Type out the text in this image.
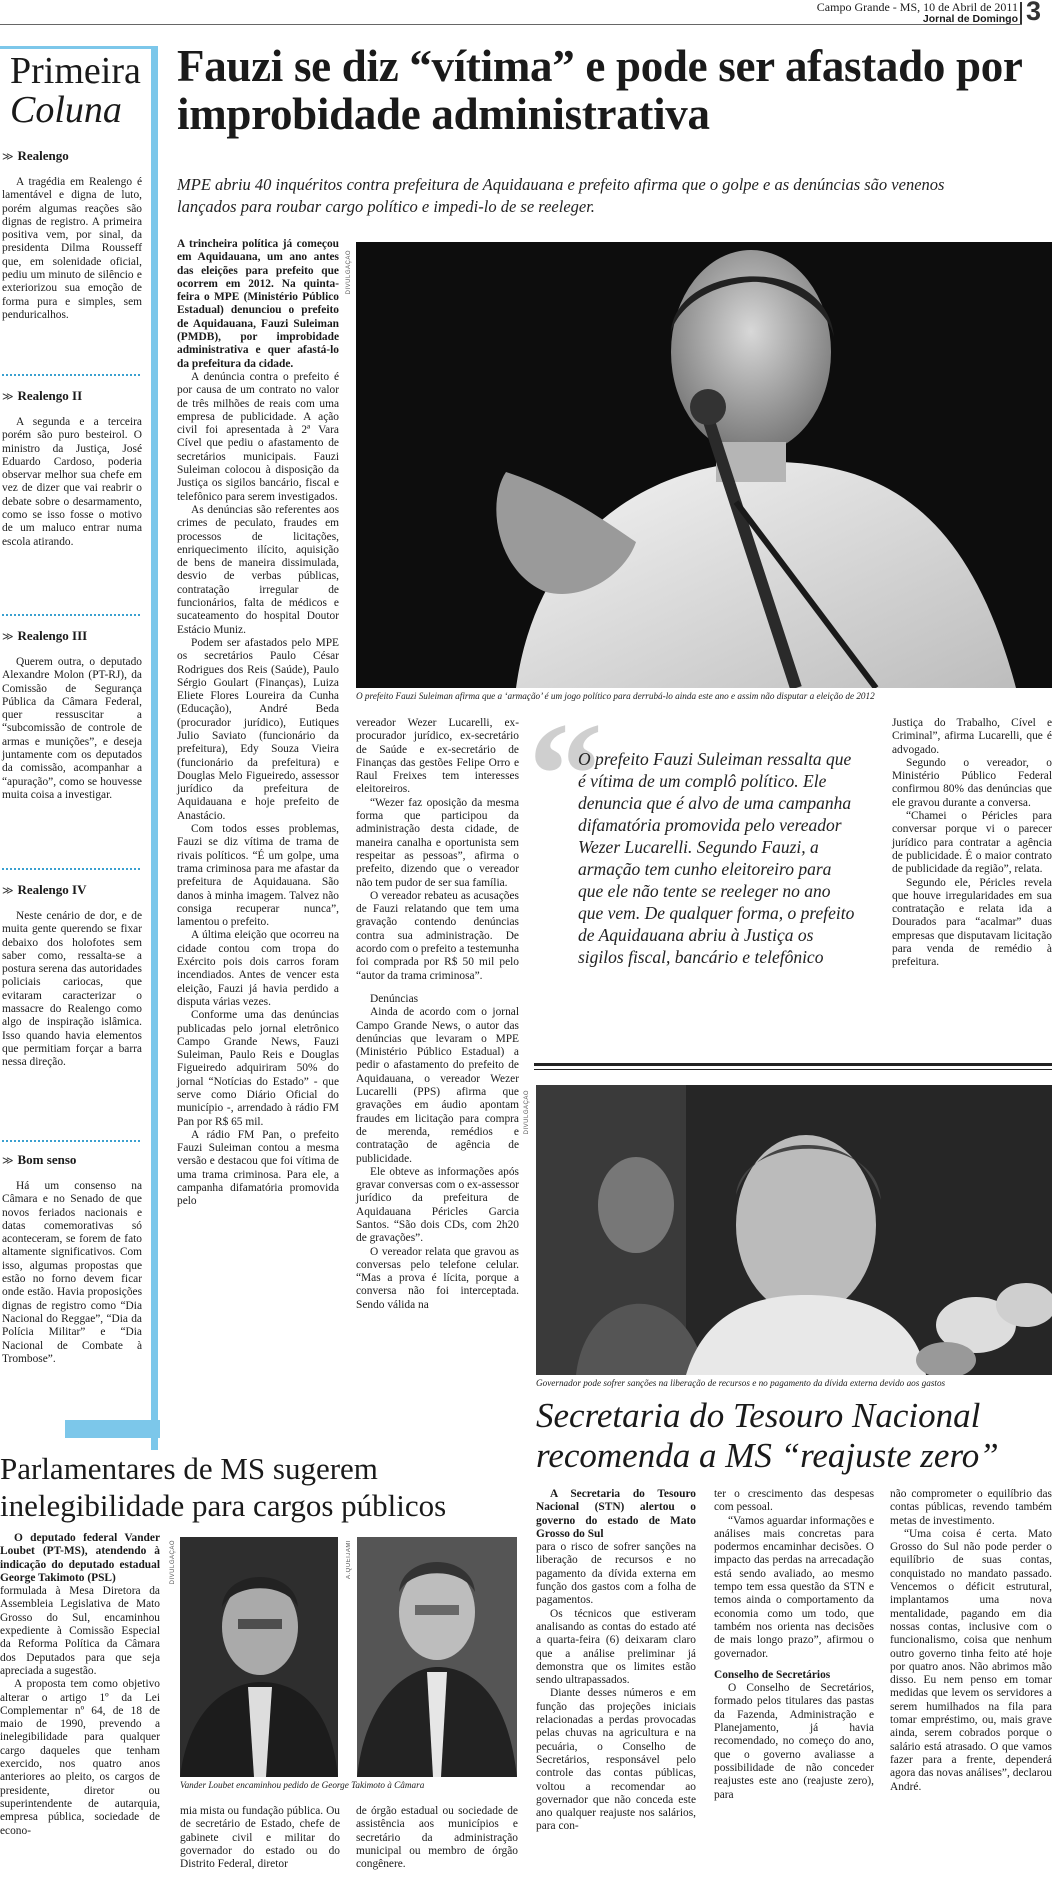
Campo Grande - MS, 10 de Abril de 2011
Jornal de Domingo 3
Primeira
Coluna
≫ Realengo

A tragédia em Realengo é lamentável e digna de luto, porém algumas reações são dignas de registro. A primeira positiva vem, por sinal, da presidenta Dilma Rousseff que, em solenidade oficial, pediu um minuto de silêncio e exteriorizou sua emoção de forma pura e simples, sem penduricalhos.

≫ Realengo II

A segunda e a terceira porém são puro besteirol. O ministro da Justiça, José Eduardo Cardoso, poderia observar melhor sua chefe em vez de dizer que vai reabrir o debate sobre o desarmamento, como se isso fosse o motivo de um maluco entrar numa escola atirando.

≫ Realengo III

Querem outra, o deputado Alexandre Molon (PT-RJ), da Comissão de Segurança Pública da Câmara Federal, quer ressuscitar a “subcomissão de controle de armas e munições”, e deseja juntamente com os deputados da comissão, acompanhar a “apuração”, como se houvesse muita coisa a investigar.

≫ Realengo IV

Neste cenário de dor, e de muita gente querendo se fixar debaixo dos holofotes sem saber como, ressalta-se a postura serena das autoridades policiais cariocas, que evitaram caracterizar o massacre do Realengo como algo de inspiração islâmica. Isso quando havia elementos que permitiam forçar a barra nessa direção.

≫ Bom senso

Há um consenso na Câmara e no Senado de que novos feriados nacionais e datas comemorativas só aconteceram, se forem de fato altamente significativos. Com isso, algumas propostas que estão no forno devem ficar onde estão. Havia proposições dignas de registro como “Dia Nacional do Reggae”, “Dia da Polícia Militar” e “Dia Nacional de Combate à Trombose”.

Fauzi se diz “vítima” e pode ser afastado por improbidade administrativa
MPE abriu 40 inquéritos contra prefeitura de Aquidauana e prefeito afirma que o golpe e as denúncias são venenos lançados para roubar cargo político e impedi-lo de se reeleger.

A trincheira política já começou em Aquidauana, um ano antes das eleições para prefeito que ocorrem em 2012. Na quinta-feira o MPE (Ministério Público Estadual) denunciou o prefeito de Aquidauana, Fauzi Suleiman (PMDB), por improbidade administrativa e quer afastá-lo da prefeitura da cidade.

A denúncia contra o prefeito é por causa de um contrato no valor de três milhões de reais com uma empresa de publicidade. A ação civil foi apresentada à 2ª Vara Cível que pediu o afastamento de secretários municipais. Fauzi Suleiman colocou à disposição da Justiça os sigilos bancário, fiscal e telefônico para serem investigados.

As denúncias são referentes aos crimes de peculato, fraudes em processos de licitações, enriquecimento ilícito, aquisição de bens de maneira dissimulada, desvio de verbas públicas, contratação irregular de funcionários, falta de médicos e sucateamento do hospital Doutor Estácio Muniz.

Podem ser afastados pelo MPE os secretários Paulo César Rodrigues dos Reis (Saúde), Paulo Sérgio Goulart (Finanças), Luiza Eliete Flores Loureira da Cunha (Educação), André Beda (procurador jurídico), Eutiques Julio Saviato (funcionário da prefeitura), Edy Souza Vieira (funcionário da prefeitura) e Douglas Melo Figueiredo, assessor jurídico da prefeitura de Aquidauana e hoje prefeito de Anastácio.

Com todos esses problemas, Fauzi se diz vítima de trama de rivais políticos. “É um golpe, uma trama criminosa para me afastar da prefeitura de Aquidauana. São danos à minha imagem. Talvez não consiga recuperar nunca”, lamentou o prefeito.

A última eleição que ocorreu na cidade contou com tropa do Exército pois dois carros foram incendiados. Antes de vencer esta eleição, Fauzi já havia perdido a disputa várias vezes.

Conforme uma das denúncias publicadas pelo jornal eletrônico Campo Grande News, Fauzi Suleiman, Paulo Reis e Douglas Figueiredo adquiriram 50% do jornal “Notícias do Estado” - que serve como Diário Oficial do município -, arrendado à rádio FM Pan por R$ 65 mil.

A rádio FM Pan, o prefeito Fauzi Suleiman contou a mesma versão e destacou que foi vítima de uma trama criminosa. Para ele, a campanha difamatória promovida pelo

DIVULGAÇÃO
O prefeito Fauzi Suleiman afirma que a ‘armação’ é um jogo político para derrubá-lo ainda este ano e assim não disputar a eleição de 2012

vereador Wezer Lucarelli, ex-procurador jurídico, ex-secretário de Saúde e ex-secretário de Finanças das gestões Felipe Orro e Raul Freixes tem interesses eleitoreiros.

“Wezer faz oposição da mesma forma que participou da administração desta cidade, de maneira canalha e oportunista sem respeitar as pessoas”, afirma o prefeito, dizendo que o vereador não tem pudor de ser sua família.

O vereador rebateu as acusações de Fauzi relatando que tem uma gravação contendo denúncias contra sua administração. De acordo com o prefeito a testemunha foi comprada por R$ 50 mil pelo “autor da trama criminosa”.

Denúncias

Ainda de acordo com o jornal Campo Grande News, o autor das denúncias que levaram o MPE (Ministério Público Estadual) a pedir o afastamento do prefeito de Aquidauana, o vereador Wezer Lucarelli (PPS) afirma que gravações em áudio apontam fraudes em licitação para compra de merenda, remédios e contratação de agência de publicidade.

Ele obteve as informações após gravar conversas com o ex-assessor jurídico da prefeitura de Aquidauana Péricles Garcia Santos. “São dois CDs, com 2h20 de gravações”.

O vereador relata que gravou as conversas pelo telefone celular. “Mas a prova é lícita, porque a conversa não foi interceptada. Sendo válida na

“
O prefeito Fauzi Suleiman ressalta que é vítima de um complô político. Ele denuncia que é alvo de uma campanha difamatória promovida pelo vereador Wezer Lucarelli. Segundo Fauzi, a armação tem cunho eleitoreiro para que ele não tente se reeleger no ano que vem. De qualquer forma, o prefeito de Aquidauana abriu à Justiça os sigilos fiscal, bancário e telefônico

Justiça do Trabalho, Cível e Criminal”, afirma Lucarelli, que é advogado.

Segundo o vereador, o Ministério Público Federal confirmou 80% das denúncias que ele gravou durante a conversa.

“Chamei o Péricles para conversar porque vi o parecer jurídico para contratar a agência de publicidade. É o maior contrato de publicidade da região”, relata.

Segundo ele, Péricles revela que houve irregularidades em sua contratação e relata ida a Dourados para “acalmar” duas empresas que disputavam licitação para venda de remédio à prefeitura.

DIVULGAÇÃO
Governador pode sofrer sanções na liberação de recursos e no pagamento da dívida externa devido aos gastos
Secretaria do Tesouro Nacional recomenda a MS “reajuste zero”

A Secretaria do Tesouro Nacional (STN) alertou o governo do estado de Mato Grosso do Sul

para o risco de sofrer sanções na liberação de recursos e no pagamento da dívida externa em função dos gastos com a folha de pagamentos.

Os técnicos que estiveram analisando as contas do estado até a quarta-feira (6) deixaram claro que a análise preliminar já demonstra que os limites estão sendo ultrapassados.

Diante desses números e em função das projeções iniciais relacionadas a perdas provocadas pelas chuvas na agricultura e na pecuária, o Conselho de Secretários, responsável pelo controle das contas públicas, voltou a recomendar ao governador que não conceda este ano qualquer reajuste nos salários, para con-

ter o crescimento das despesas com pessoal.

“Vamos aguardar informações e análises mais concretas para podermos encaminhar decisões. O impacto das perdas na arrecadação está sendo avaliado, ao mesmo tempo tem essa questão da STN e temos ainda o comportamento da economia como um todo, que também nos orienta nas decisões de mais longo prazo”, afirmou o governador.

Conselho de Secretários

O Conselho de Secretários, formado pelos titulares das pastas da Fazenda, Administração e Planejamento, já havia recomendado, no começo do ano, que o governo avaliasse a possibilidade de não conceder reajustes este ano (reajuste zero), para

não comprometer o equilíbrio das contas públicas, revendo também metas de investimento.

“Uma coisa é certa. Mato Grosso do Sul não pode perder o equilíbrio de suas contas, conquistado no mandato passado. Vencemos o déficit estrutural, implantamos uma nova mentalidade, pagando em dia nossas contas, inclusive com o funcionalismo, coisa que nenhum outro governo tinha feito até hoje por quatro anos. Não abrimos mão disso. Eu nem penso em tomar medidas que levem os servidores a serem humilhados na fila para tomar empréstimo, ou, mais grave ainda, serem cobrados porque o salário está atrasado. O que vamos fazer para a frente, dependerá agora das novas análises”, declarou André.

Parlamentares de MS sugerem inelegibilidade para cargos públicos

O deputado federal Vander Loubet (PT-MS), atendendo à indicação do deputado estadual George Takimoto (PSL)

formulada à Mesa Diretora da Assembleia Legislativa de Mato Grosso do Sul, encaminhou expediente à Comissão Especial da Reforma Política da Câmara dos Deputados para que seja apreciada a sugestão.

A proposta tem como objetivo alterar o artigo 1º da Lei Complementar nº 64, de 18 de maio de 1990, prevendo a inelegibilidade para qualquer cargo daqueles que tenham exercido, nos quatro anos anteriores ao pleito, os cargos de presidente, diretor ou superintendente de autarquia, empresa pública, sociedade de econo-

DIVULGAÇÃO	A.QUEIJAMI
Vander Loubet encaminhou pedido de George Takimoto à Câmara

mia mista ou fundação pública. Ou de secretário de Estado, chefe de gabinete civil e militar do governador do estado ou do Distrito Federal, diretor

de órgão estadual ou sociedade de assistência aos municípios e secretário da administração municipal ou membro de órgão congênere.
